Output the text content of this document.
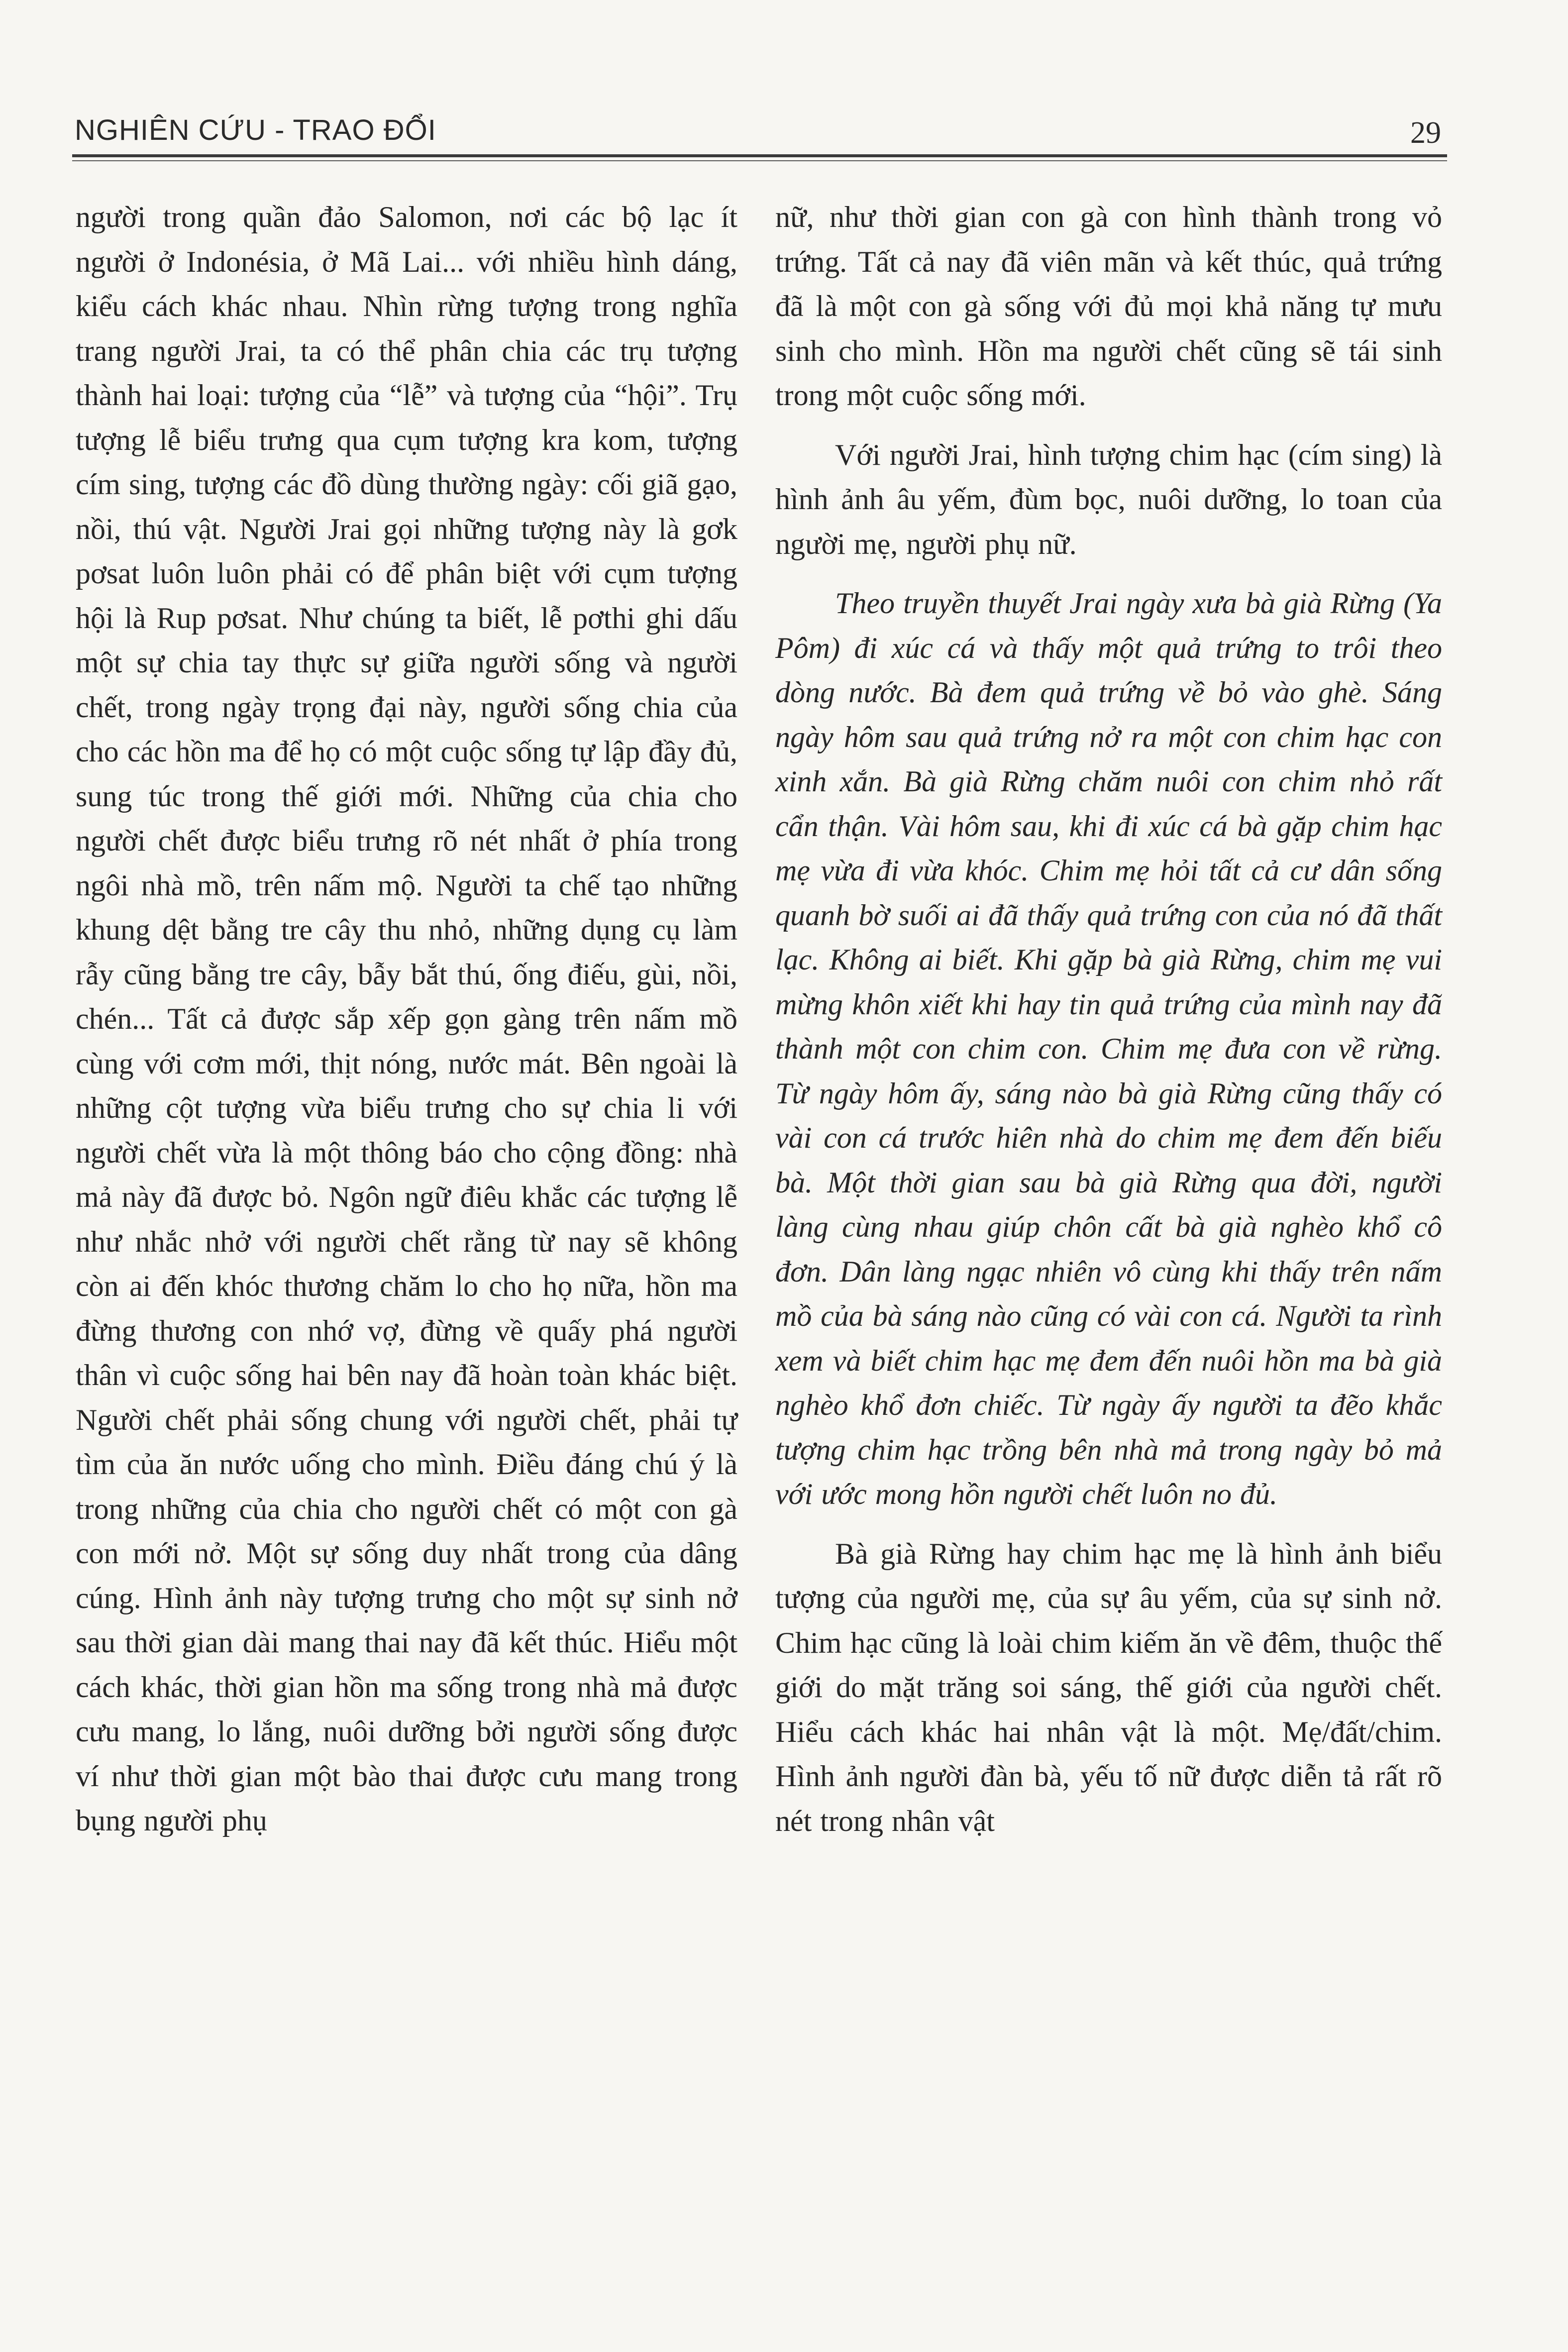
NGHIÊN CỨU - TRAO ĐỔI	29

người trong quần đảo Salomon, nơi các bộ lạc ít người ở Indonésia, ở Mã Lai... với nhiều hình dáng, kiểu cách khác nhau. Nhìn rừng tượng trong nghĩa trang người Jrai, ta có thể phân chia các trụ tượng thành hai loại: tượng của “lễ” và tượng của “hội”. Trụ tượng lễ biểu trưng qua cụm tượng kra kom, tượng cím sing, tượng các đồ dùng thường ngày: cối giã gạo, nồi, thú vật. Người Jrai gọi những tượng này là gơk pơsat luôn luôn phải có để phân biệt với cụm tượng hội là Rup pơsat. Như chúng ta biết, lễ pơthi ghi dấu một sự chia tay thực sự giữa người sống và người chết, trong ngày trọng đại này, người sống chia của cho các hồn ma để họ có một cuộc sống tự lập đầy đủ, sung túc trong thế giới mới. Những của chia cho người chết được biểu trưng rõ nét nhất ở phía trong ngôi nhà mồ, trên nấm mộ. Người ta chế tạo những khung dệt bằng tre cây thu nhỏ, những dụng cụ làm rẫy cũng bằng tre cây, bẫy bắt thú, ống điếu, gùi, nồi, chén... Tất cả được sắp xếp gọn gàng trên nấm mồ cùng với cơm mới, thịt nóng, nước mát. Bên ngoài là những cột tượng vừa biểu trưng cho sự chia li với người chết vừa là một thông báo cho cộng đồng: nhà mả này đã được bỏ. Ngôn ngữ điêu khắc các tượng lễ như nhắc nhở với người chết rằng từ nay sẽ không còn ai đến khóc thương chăm lo cho họ nữa, hồn ma đừng thương con nhớ vợ, đừng về quấy phá người thân vì cuộc sống hai bên nay đã hoàn toàn khác biệt. Người chết phải sống chung với người chết, phải tự tìm của ăn nước uống cho mình. Điều đáng chú ý là trong những của chia cho người chết có một con gà con mới nở. Một sự sống duy nhất trong của dâng cúng. Hình ảnh này tượng trưng cho một sự sinh nở sau thời gian dài mang thai nay đã kết thúc. Hiểu một cách khác, thời gian hồn ma sống trong nhà mả được cưu mang, lo lắng, nuôi dưỡng bởi người sống được ví như thời gian một bào thai được cưu mang trong bụng người phụ

nữ, như thời gian con gà con hình thành trong vỏ trứng. Tất cả nay đã viên mãn và kết thúc, quả trứng đã là một con gà sống với đủ mọi khả năng tự mưu sinh cho mình. Hồn ma người chết cũng sẽ tái sinh trong một cuộc sống mới.

Với người Jrai, hình tượng chim hạc (cím sing) là hình ảnh âu yếm, đùm bọc, nuôi dưỡng, lo toan của người mẹ, người phụ nữ.

Theo truyền thuyết Jrai ngày xưa bà già Rừng (Ya Pôm) đi xúc cá và thấy một quả trứng to trôi theo dòng nước. Bà đem quả trứng về bỏ vào ghè. Sáng ngày hôm sau quả trứng nở ra một con chim hạc con xinh xắn. Bà già Rừng chăm nuôi con chim nhỏ rất cẩn thận. Vài hôm sau, khi đi xúc cá bà gặp chim hạc mẹ vừa đi vừa khóc. Chim mẹ hỏi tất cả cư dân sống quanh bờ suối ai đã thấy quả trứng con của nó đã thất lạc. Không ai biết. Khi gặp bà già Rừng, chim mẹ vui mừng khôn xiết khi hay tin quả trứng của mình nay đã thành một con chim con. Chim mẹ đưa con về rừng. Từ ngày hôm ấy, sáng nào bà già Rừng cũng thấy có vài con cá trước hiên nhà do chim mẹ đem đến biếu bà. Một thời gian sau bà già Rừng qua đời, người làng cùng nhau giúp chôn cất bà già nghèo khổ cô đơn. Dân làng ngạc nhiên vô cùng khi thấy trên nấm mồ của bà sáng nào cũng có vài con cá. Người ta rình xem và biết chim hạc mẹ đem đến nuôi hồn ma bà già nghèo khổ đơn chiếc. Từ ngày ấy người ta đẽo khắc tượng chim hạc trồng bên nhà mả trong ngày bỏ mả với ước mong hồn người chết luôn no đủ.

Bà già Rừng hay chim hạc mẹ là hình ảnh biểu tượng của người mẹ, của sự âu yếm, của sự sinh nở. Chim hạc cũng là loài chim kiếm ăn về đêm, thuộc thế giới do mặt trăng soi sáng, thế giới của người chết. Hiểu cách khác hai nhân vật là một. Mẹ/đất/chim. Hình ảnh người đàn bà, yếu tố nữ được diễn tả rất rõ nét trong nhân vật
